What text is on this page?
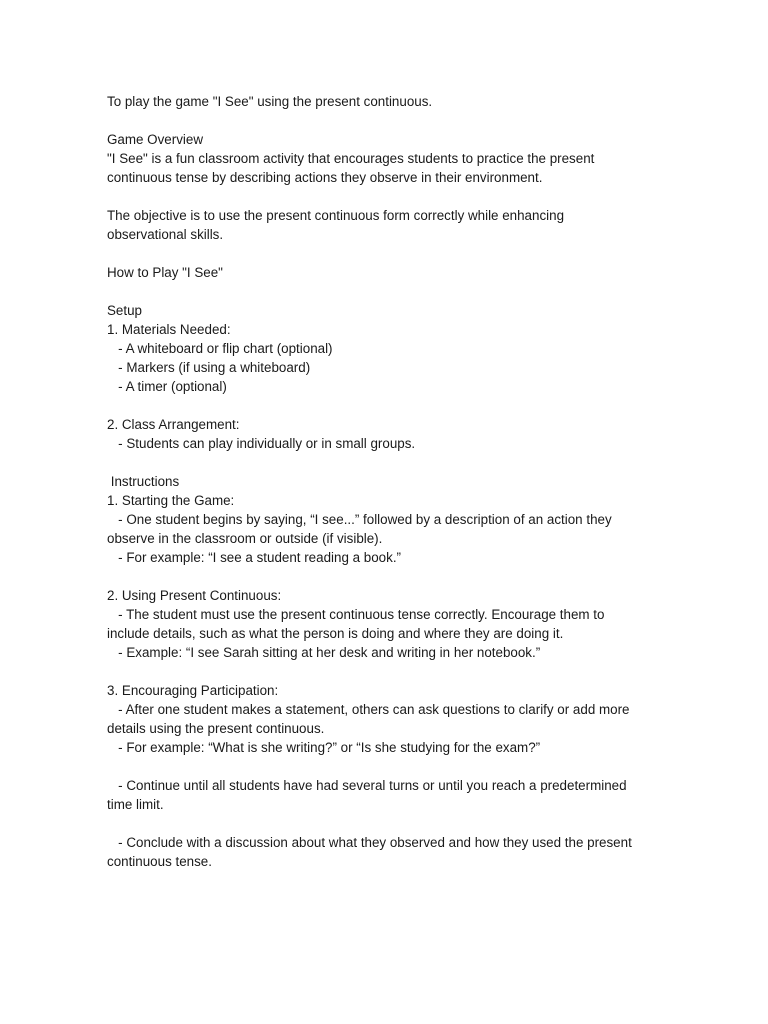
To play the game "I See" using the present continuous.

Game Overview

"I See" is a fun classroom activity that encourages students to practice the present

continuous tense by describing actions they observe in their environment.

The objective is to use the present continuous form correctly while enhancing

observational skills.

How to Play "I See"

Setup

1. Materials Needed:

- A whiteboard or flip chart (optional)

- Markers (if using a whiteboard)

- A timer (optional)

2. Class Arrangement:

- Students can play individually or in small groups.

Instructions

1. Starting the Game:

- One student begins by saying, “I see...” followed by a description of an action they

observe in the classroom or outside (if visible).

- For example: “I see a student reading a book.”

2. Using Present Continuous:

- The student must use the present continuous tense correctly. Encourage them to

include details, such as what the person is doing and where they are doing it.

- Example: “I see Sarah sitting at her desk and writing in her notebook.”

3. Encouraging Participation:

- After one student makes a statement, others can ask questions to clarify or add more

details using the present continuous.

- For example: “What is she writing?” or “Is she studying for the exam?”

- Continue until all students have had several turns or until you reach a predetermined

time limit.

- Conclude with a discussion about what they observed and how they used the present

continuous tense.
